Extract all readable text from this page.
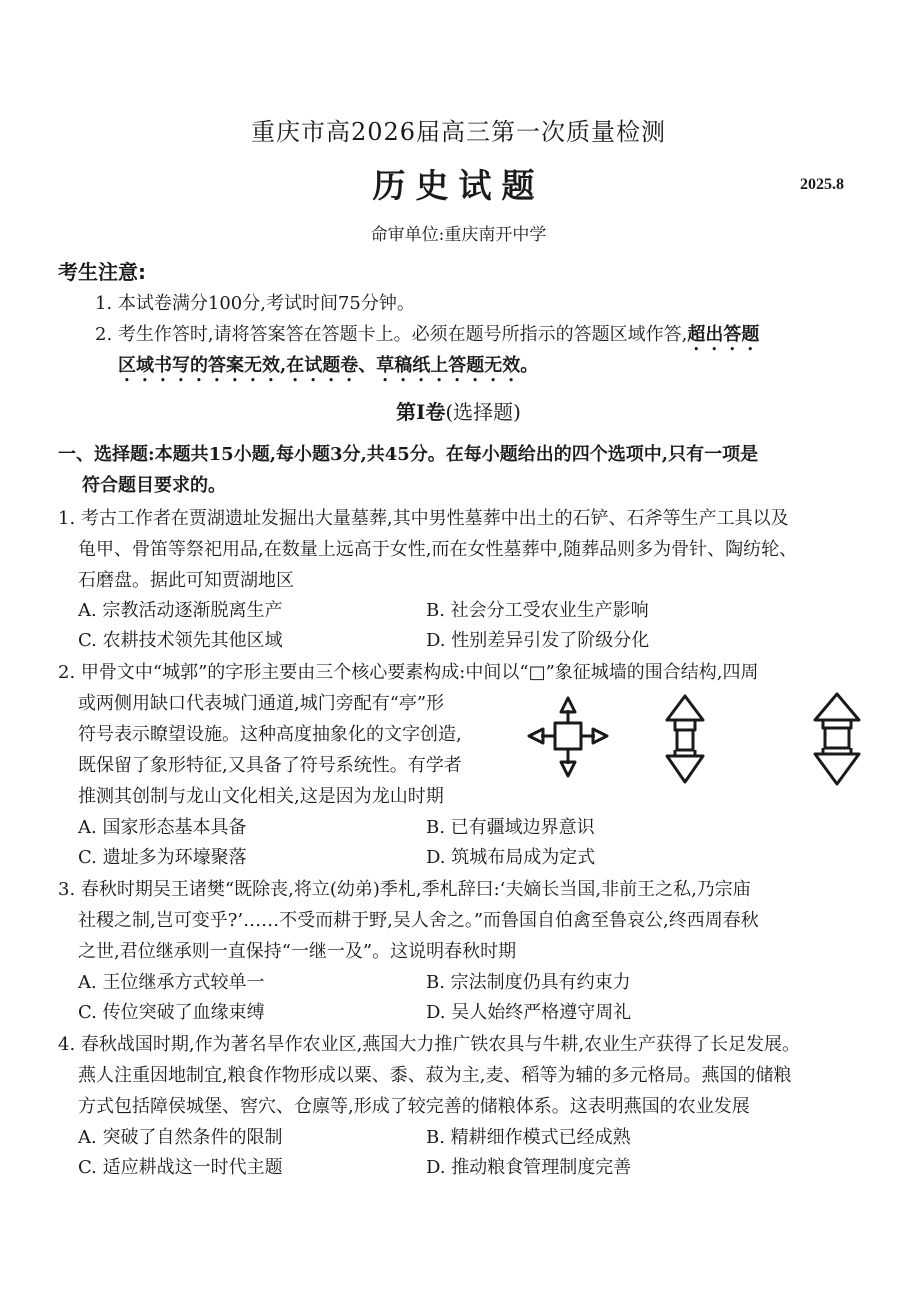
重庆市高2026届高三第一次质量检测
历史试题	2025.8
命审单位:重庆南开中学
考生注意:
1. 本试卷满分100分,考试时间75分钟。
2. 考生作答时,请将答案答在答题卡上。必须在题号所指示的答题区域作答,超出答题
区域书写的答案无效,在试题卷、草稿纸上答题无效。
第Ⅰ卷(选择题)
一、选择题:本题共15小题,每小题3分,共45分。在每小题给出的四个选项中,只有一项是
符合题目要求的。
1. 考古工作者在贾湖遗址发掘出大量墓葬,其中男性墓葬中出土的石铲、石斧等生产工具以及
龟甲、骨笛等祭祀用品,在数量上远高于女性,而在女性墓葬中,随葬品则多为骨针、陶纺轮、
石磨盘。据此可知贾湖地区
A. 宗教活动逐渐脱离生产	B. 社会分工受农业生产影响
C. 农耕技术领先其他区域	D. 性别差异引发了阶级分化
2. 甲骨文中“城郭”的字形主要由三个核心要素构成:中间以“□”象征城墙的围合结构,四周
或两侧用缺口代表城门通道,城门旁配有“亭”形
符号表示瞭望设施。这种高度抽象化的文字创造,
既保留了象形特征,又具备了符号系统性。有学者
推测其创制与龙山文化相关,这是因为龙山时期
A. 国家形态基本具备	B. 已有疆域边界意识
C. 遗址多为环壕聚落	D. 筑城布局成为定式
3. 春秋时期吴王诸樊“既除丧,将立(幼弟)季札,季札辞曰:‘夫嫡长当国,非前王之私,乃宗庙
社稷之制,岂可变乎?’……不受而耕于野,吴人舍之。”而鲁国自伯禽至鲁哀公,终西周春秋
之世,君位继承则一直保持“一继一及”。这说明春秋时期
A. 王位继承方式较单一	B. 宗法制度仍具有约束力
C. 传位突破了血缘束缚	D. 吴人始终严格遵守周礼
4. 春秋战国时期,作为著名旱作农业区,燕国大力推广铁农具与牛耕,农业生产获得了长足发展。
燕人注重因地制宜,粮食作物形成以粟、黍、菽为主,麦、稻等为辅的多元格局。燕国的储粮
方式包括障侯城堡、窖穴、仓廪等,形成了较完善的储粮体系。这表明燕国的农业发展
A. 突破了自然条件的限制	B. 精耕细作模式已经成熟
C. 适应耕战这一时代主题	D. 推动粮食管理制度完善
